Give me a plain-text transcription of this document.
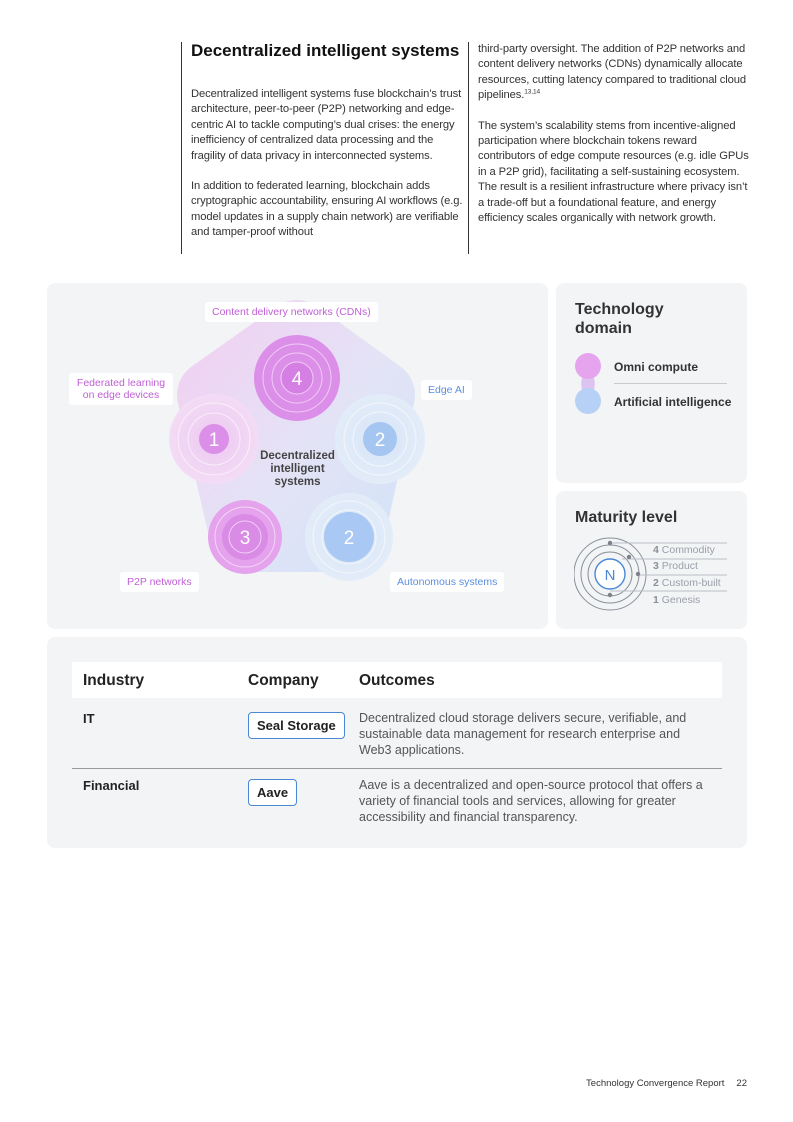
Decentralized intelligent systems

Decentralized intelligent systems fuse blockchain’s trust architecture, peer-to-peer (P2P) networking and edge-centric AI to tackle computing’s dual crises: the energy inefficiency of centralized data processing and the fragility of data privacy in interconnected systems.

In addition to federated learning, blockchain adds cryptographic accountability, ensuring AI workflows (e.g. model updates in a supply chain network) are verifiable and tamper-proof without

third-party oversight. The addition of P2P networks and content delivery networks (CDNs) dynamically allocate resources, cutting latency compared to traditional cloud pipelines.$^{13,14}$

The system’s scalability stems from incentive-aligned participation where blockchain tokens reward contributors of edge compute resources (e.g. idle GPUs in a P2P grid), facilitating a self-sustaining ecosystem. The result is a resilient infrastructure where privacy isn’t a trade-off but a foundational feature, and energy efficiency scales organically with network growth.

4
2
2
3
1
Decentralized intelligent systems
Content delivery networks (CDNs)
Edge AI
Autonomous systems
P2P networks
Federated learning on edge devices
Technology domain
Omni compute
Artificial intelligence
Maturity level
N
4 Commodity
3 Product
2 Custom-built
1 Genesis
Industry	Company	Outcomes
IT	Seal Storage	Decentralized cloud storage delivers secure, verifiable, and sustainable data management for research enterprise and Web3 applications.
Financial	Aave	Aave is a decentralized and open-source protocol that offers a variety of financial tools and services, allowing for greater accessibility and financial transparency.
Technology Convergence Report 22
